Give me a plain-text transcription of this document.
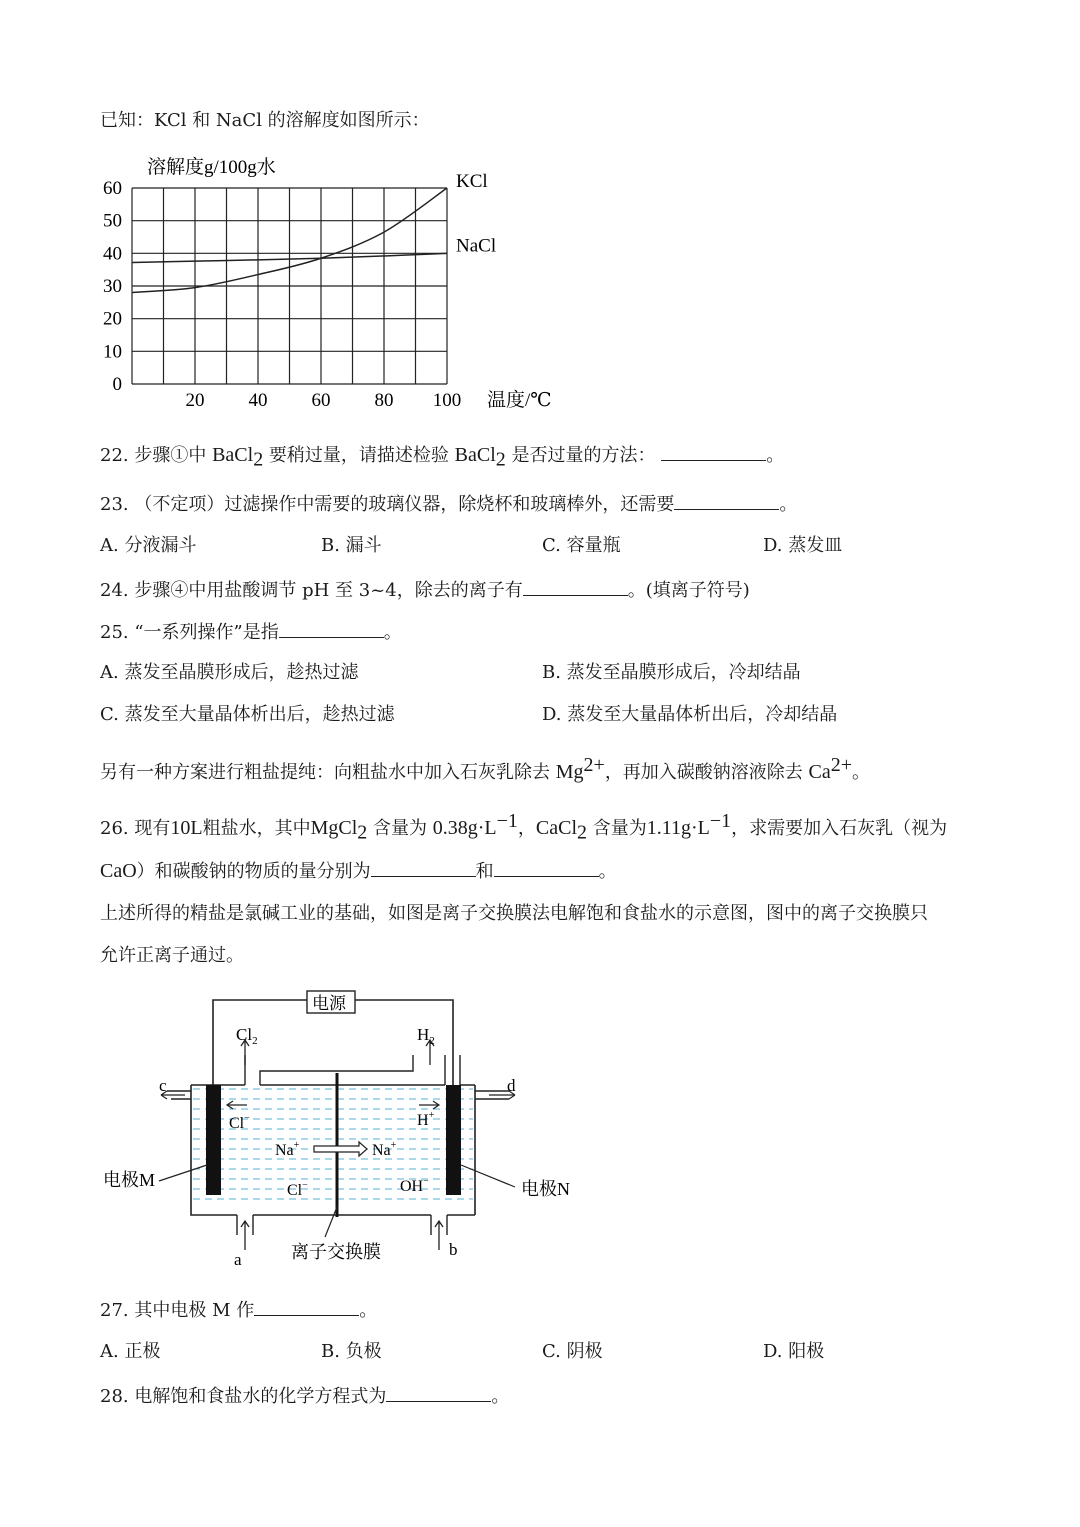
已知：KCl 和 NaCl 的溶解度如图所示：
0
10
20
30
40
50
60
20 40 60 80 100
KCl
NaCl
溶解度g/100g水
温度/℃
22. 步骤①中 BaCl$_2$ 要稍过量，请描述检验 BaCl$_2$ 是否过量的方法：	。
23. （不定项）过滤操作中需要的玻璃仪器，除烧杯和玻璃棒外，还需要	。
A. 分液漏斗	B. 漏斗	C. 容量瓶	D. 蒸发皿
24. 步骤④中用盐酸调节 pH 至 3~4，除去的离子有	。(填离子符号)
25. “一系列操作”是指	。
A. 蒸发至晶膜形成后，趁热过滤	B. 蒸发至晶膜形成后，冷却结晶
C. 蒸发至大量晶体析出后，趁热过滤	D. 蒸发至大量晶体析出后，冷却结晶
另有一种方案进行粗盐提纯：向粗盐水中加入石灰乳除去 $Mg^{2+}$，再加入碳酸钠溶液除去 $Ca^{2+}$。
26. 现有10L粗盐水，其中MgCl$_2$ 含量为 $0.38g\cdot L^{-1}$，CaCl$_2$ 含量为$1.11g\cdot L^{-1}$，求需要加入石灰乳（视为
CaO）和碳酸钠的物质的量分别为	和	。
上述所得的精盐是氯碱工业的基础，如图是离子交换膜法电解饱和食盐水的示意图，图中的离子交换膜只
允许正离子通过。
电源
c	d
a
b
$Cl_2$	$H_2$
Cl−	H+
Na+	Na+
Cl−	OH−
电极M	电极N
离子交换膜
27. 其中电极 M 作	。
A. 正极	B. 负极	C. 阴极	D. 阳极
28. 电解饱和食盐水的化学方程式为	。
